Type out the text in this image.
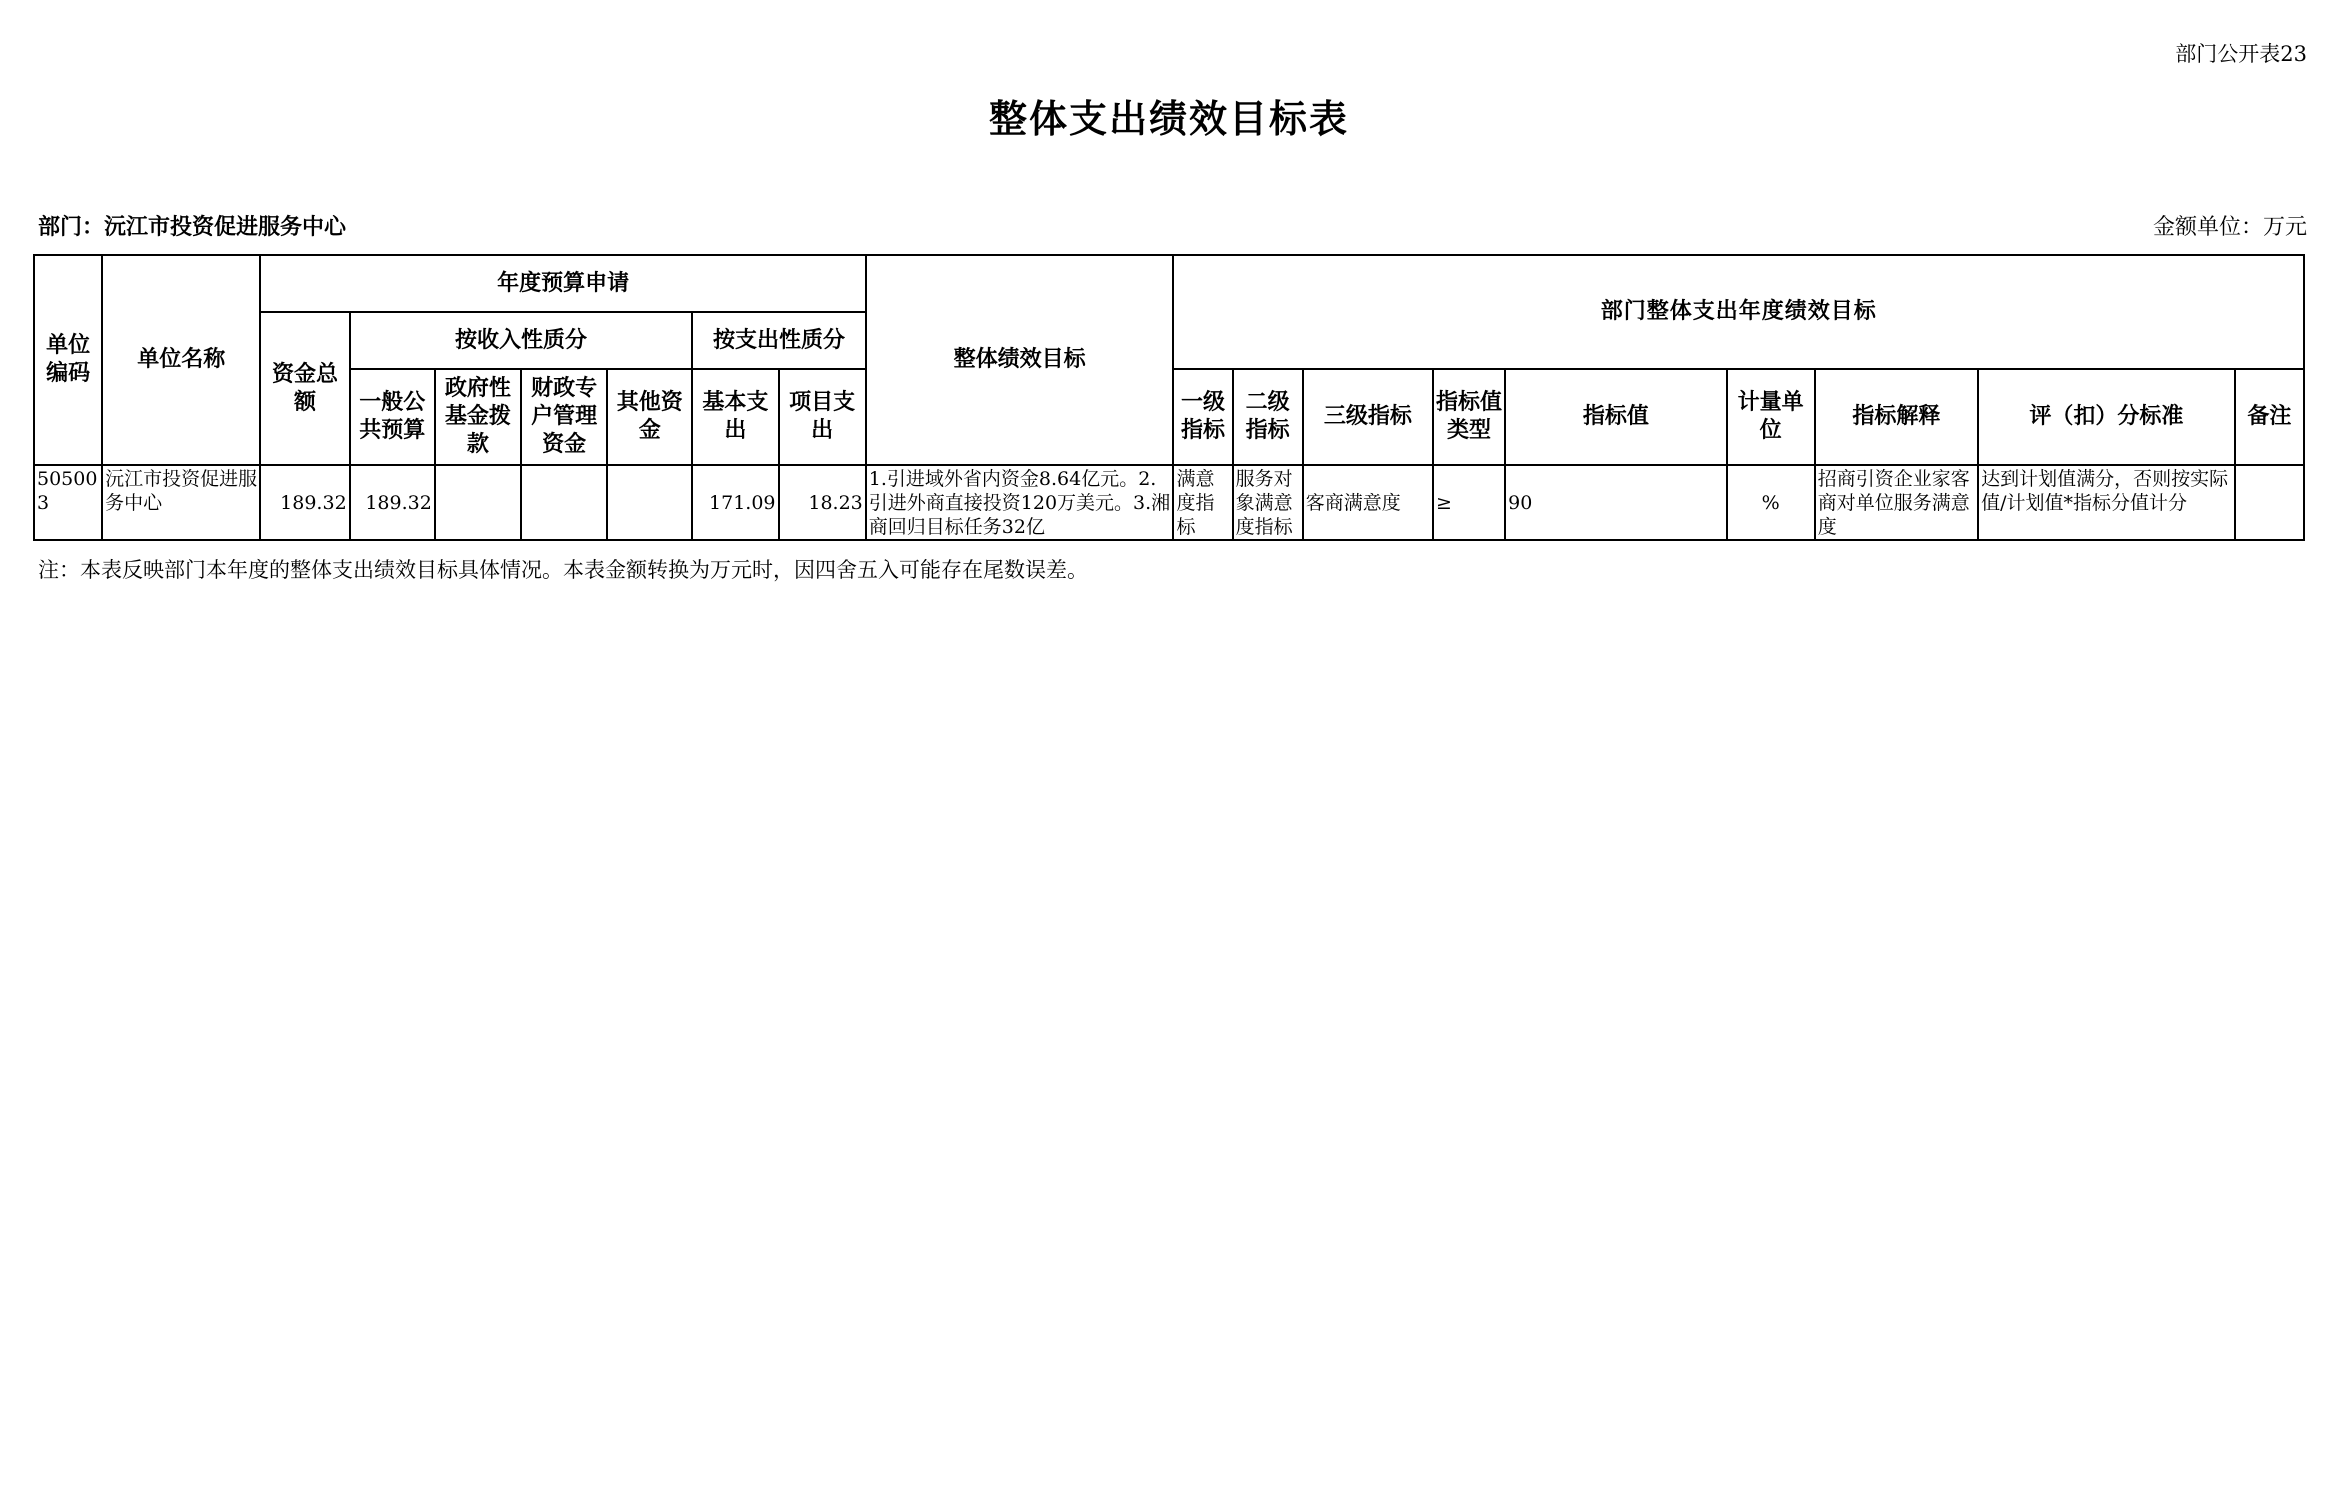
部门公开表23
整体支出绩效目标表
部门：沅江市投资促进服务中心	金额单位：万元
单位编码	单位名称	年度预算申请							整体绩效目标	部门整体支出年度绩效目标								
		资金总额	按收入性质分				按支出性质分											
			一般公共预算	政府性基金拨款	财政专户管理资金	其他资金	基本支出	项目支出		一级指标	二级指标	三级指标	指标值类型	指标值	计量单位	指标解释	评（扣）分标准	备注

505003	沅江市投资促进服务中心	189.32	189.32				171.09	18.23	1.引进域外省内资金8.64亿元。2.引进外商直接投资120万美元。3.湘商回归目标任务32亿	满意度指标	服务对象满意度指标	客商满意度	≥	90	%	招商引资企业家客商对单位服务满意度	达到计划值满分，否则按实际值/计划值*指标分值计分	

注：本表反映部门本年度的整体支出绩效目标具体情况。本表金额转换为万元时，因四舍五入可能存在尾数误差。
